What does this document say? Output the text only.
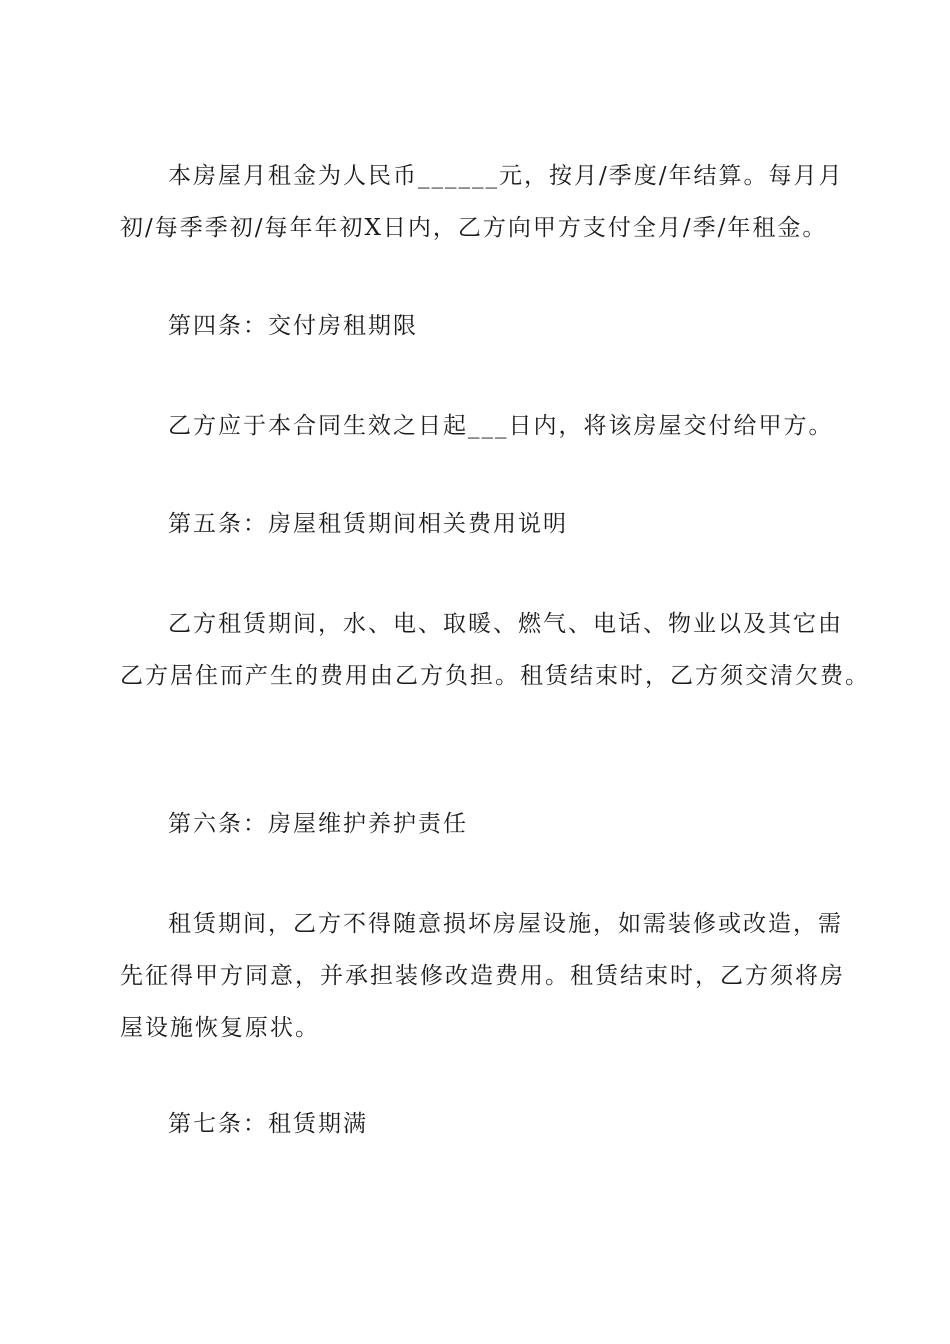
本房屋月租金为人民币______元，按月/季度/年结算。每月月
初/每季季初/每年年初X日内，乙方向甲方支付全月/季/年租金。

第四条：交付房租期限

乙方应于本合同生效之日起___日内，将该房屋交付给甲方。

第五条：房屋租赁期间相关费用说明

乙方租赁期间，水、电、取暖、燃气、电话、物业以及其它由
乙方居住而产生的费用由乙方负担。租赁结束时，乙方须交清欠费。

第六条：房屋维护养护责任

租赁期间，乙方不得随意损坏房屋设施，如需装修或改造，需
先征得甲方同意，并承担装修改造费用。租赁结束时，乙方须将房
屋设施恢复原状。

第七条：租赁期满
